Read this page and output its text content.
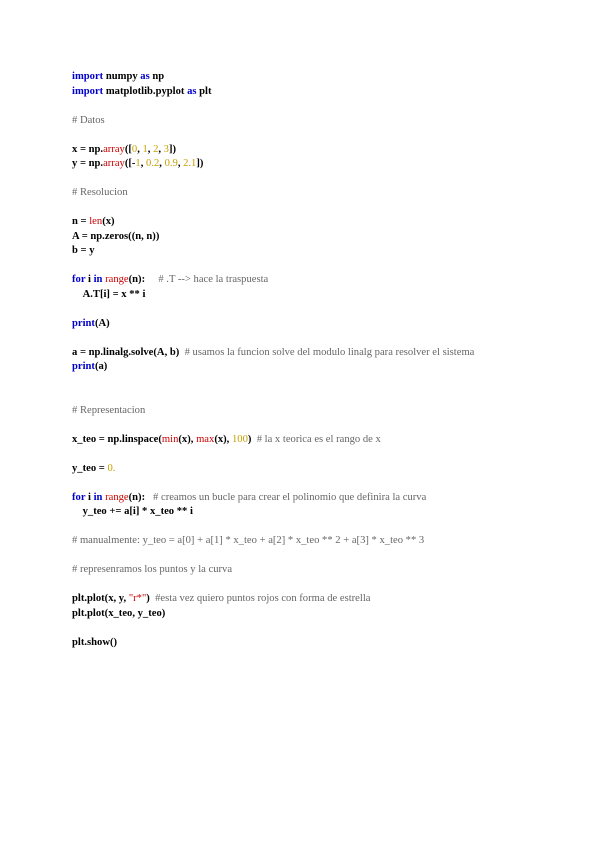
import numpy as np
import matplotlib.pyplot as plt
# Datos
x = np.array([0, 1, 2, 3])
y = np.array([-1, 0.2, 0.9, 2.1])
# Resolucion
n = len(x)
A = np.zeros((n, n))
b = y
for i in range(n):     # .T --> hace la traspuesta
A.T[i] = x ** i
print(A)
a = np.linalg.solve(A, b)  # usamos la funcion solve del modulo linalg para resolver el sistema
print(a)
# Representacion
x_teo = np.linspace(min(x), max(x), 100)  # la x teorica es el rango de x
y_teo = 0.
for i in range(n):   # creamos un bucle para crear el polinomio que definira la curva
y_teo += a[i] * x_teo ** i
# manualmente: y_teo = a[0] + a[1] * x_teo + a[2] * x_teo ** 2 + a[3] * x_teo ** 3
# represenramos los puntos y la curva
plt.plot(x, y, "r*")  #esta vez quiero puntos rojos con forma de estrella
plt.plot(x_teo, y_teo)
plt.show()
